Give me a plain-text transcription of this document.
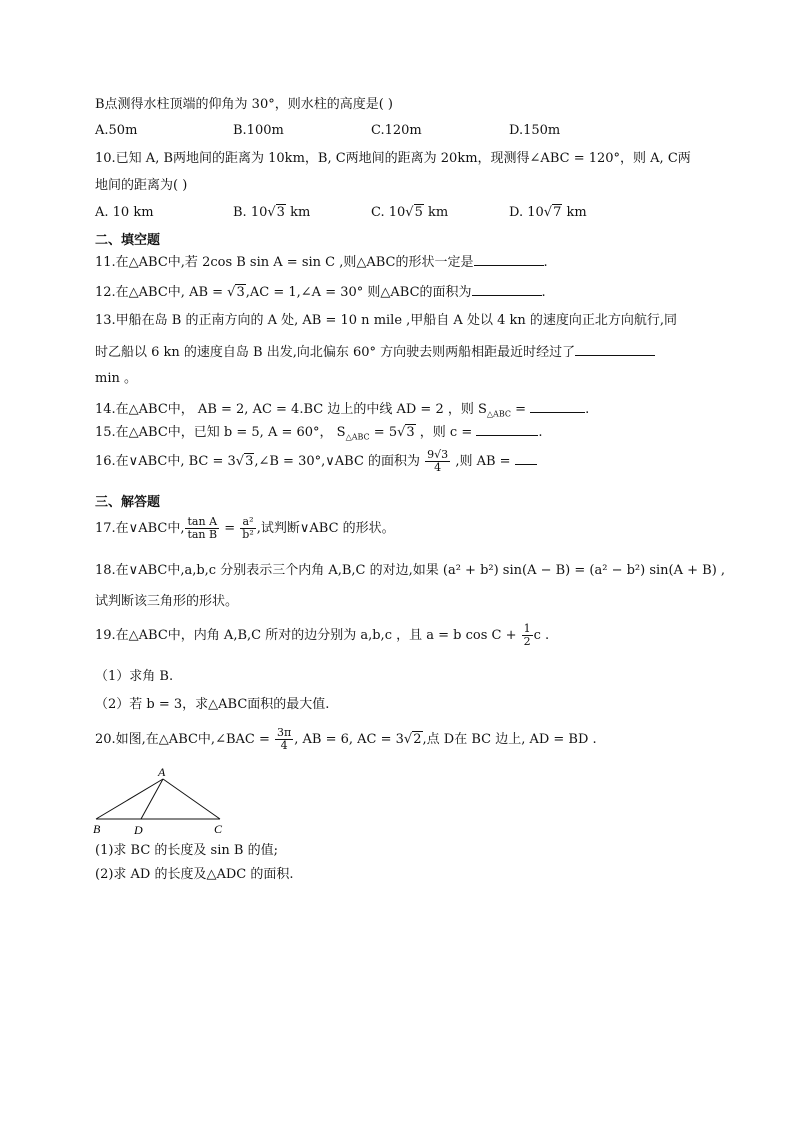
B点测得水柱顶端的仰角为 30°，则水柱的高度是( )
A.50m	B.100m	C.120m	D.150m
10.已知 A, B两地间的距离为 10km，B, C两地间的距离为 20km，现测得∠ABC = 120°，则 A, C两
地间的距离为( )
A. 10 km	B. 10√3 km	C. 10√5 km	D. 10√7 km
二、填空题
11.在△ABC中,若 2cos B sin A = sin C ,则△ABC的形状一定是	.
12.在△ABC中, AB = √3,AC = 1,∠A = 30° 则△ABC的面积为	.
13.甲船在岛 B 的正南方向的 A 处, AB = 10 n mile ,甲船自 A 处以 4 kn 的速度向正北方向航行,同
时乙船以 6 kn 的速度自岛 B 出发,向北偏东 60° 方向驶去则两船相距最近时经过了
min 。
14.在△ABC中， AB = 2, AC = 4.BC 边上的中线 AD = 2 ，则 $S_{\triangle ABC}$ =	.
15.在△ABC中，已知 b = 5, A = 60°， $S_{\triangle ABC} = 5√3$ ，则 c =	.
16.在∨ABC中, BC = 3√3,∠B = 30°,∨ABC 的面积为 $\frac{9√3}{4}$ ,则 AB =
三、解答题
17.在∨ABC中, $\frac{\text{tan A}}{\text{tan B}} = \frac{\text{a²}}{\text{b²}}$ ,试判断∨ABC 的形状。
18.在∨ABC中,a,b,c 分别表示三个内角 A,B,C 的对边,如果 (a² + b²) sin(A − B) = (a² − b²) sin(A + B) ,
试判断该三角形的形状。
19.在△ABC中，内角 A,B,C 所对的边分别为 a,b,c ，且 a = b $\cos C + \frac{1}{2}$ c .
（1）求角 B.
（2）若 b = 3，求△ABC面积的最大值.
20.如图,在△ABC中,∠BAC = $\frac{3\pi}{4}$ , AB = 6, AC = 3√2,点 D在 BC 边上, AD = BD .
A
B	D	C
(1)求 BC 的长度及 sin B 的值;
(2)求 AD 的长度及△ADC 的面积.
